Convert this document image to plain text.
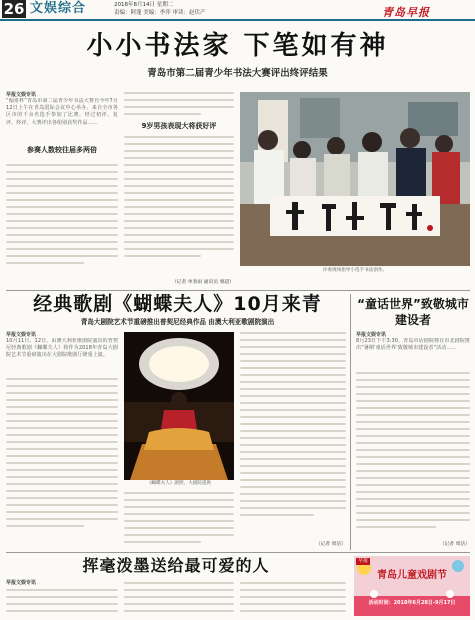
26 文娱综合	2018年8月14日 星期二
责编：阿蓬 美编：李萍 审读：赵伏产	青岛早报
小小书法家 下笔如有神
青岛市第二届青少年书法大赛评出终评结果
早报文娱专讯
“翰墨杯”青岛市第二届青少年书法大赛自今年7月12日上午在青岛国际会议中心举办，来自全市各区市的千余名选手参加了比赛，经过初评、复评、终评，大赛评出各组别获奖作品……
参赛人数较往届多两倍
9岁男孩表现大将获好评
（记者 单春雨 通讯员 栗超）
评委现场指导小选手书法创作。
经典歌剧《蝴蝶夫人》10月来青
青岛大剧院艺术节重磅推出普契尼经典作品 由澳大利亚歌剧院演出
早报文娱专讯
10月11日、12日，由澳大利亚歌剧院演出的普契尼经典歌剧《蝴蝶夫人》将作为2018年青岛大剧院艺术节重磅演出在大剧院歌剧厅隆重上演。
《蝴蝶夫人》剧照。大剧院提供
（记者 周洁）
“童话世界”致敬城市建设者
早报文娱专讯
8月23日下午3:30，青岛市话剧院将在市北剧院推出“暑期‘童话世界’致敬城市建设者”活动……
（记者 周洁）
挥毫泼墨送给最可爱的人
早报文娱专讯
青岛儿童戏剧节
活动时间：2018年6月28日-9月17日
早报
